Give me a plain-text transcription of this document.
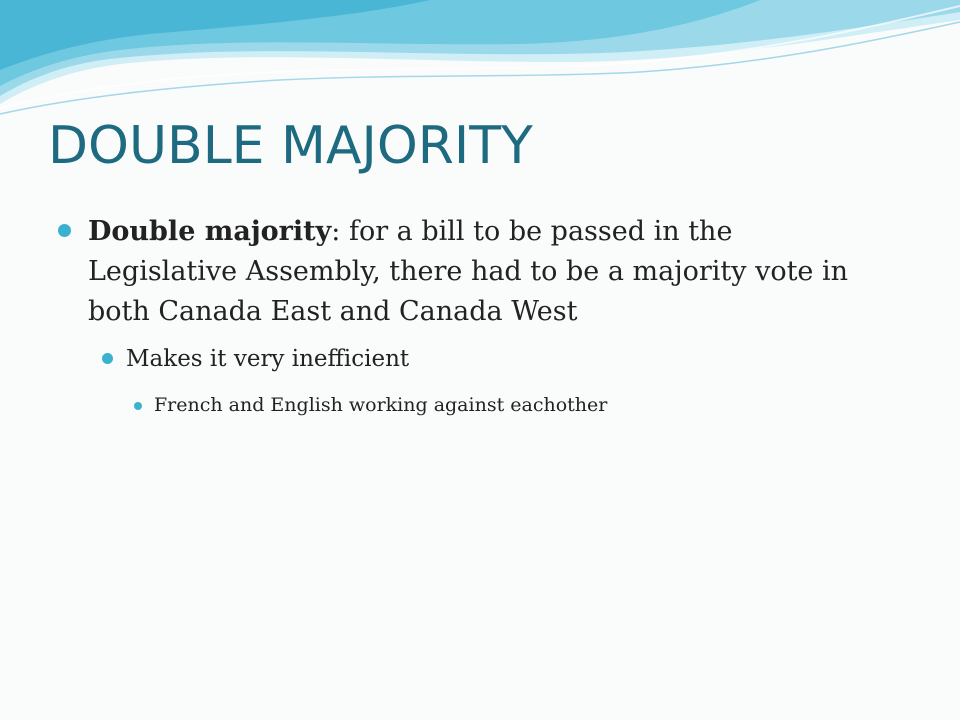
DOUBLE MAJORITY
Double majority: for a bill to be passed in the Legislative Assembly, there had to be a majority vote in both Canada East and Canada West
Makes it very inefficient
French and English working against eachother
